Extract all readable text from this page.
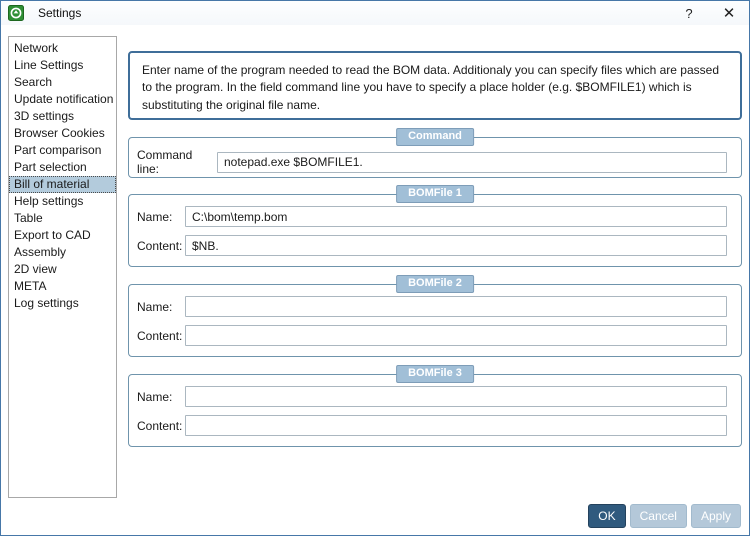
Settings	?	✕
Network
Line Settings
Search
Update notification
3D settings
Browser Cookies
Part comparison
Part selection
Bill of material
Help settings
Table
Export to CAD
Assembly
2D view
META
Log settings
Enter name of the program needed to read the BOM data. Additionaly you can specify files which are passed to the program. In the field command line you have to specify a place holder (e.g. $BOMFILE1) which is substituting the original file name.
Command
Command line:
notepad.exe $BOMFILE1.
BOMFile 1
Name:
C:\bom\temp.bom
Content:
$NB.
BOMFile 2
Name:
Content:
BOMFile 3
Name:
Content:
OK	Cancel	Apply
